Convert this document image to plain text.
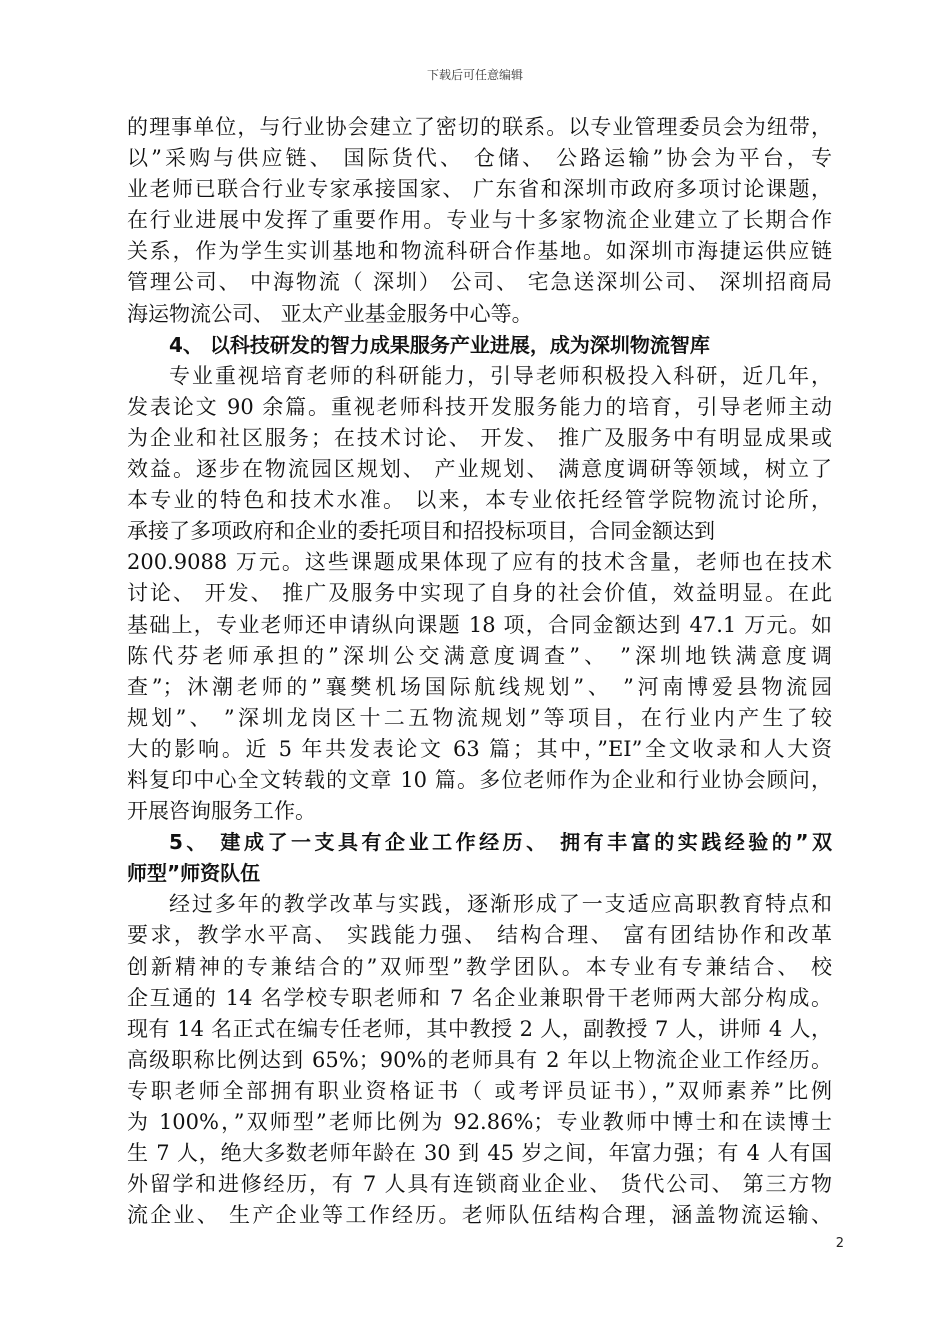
下载后可任意编辑
的理事单位，与行业协会建立了密切的联系。以专业管理委员会为纽带，
以”采购与供应链、 国际货代、 仓储、 公路运输”协会为平台，专
业老师已联合行业专家承接国家、 广东省和深圳市政府多项讨论课题，
在行业进展中发挥了重要作用。专业与十多家物流企业建立了长期合作
关系，作为学生实训基地和物流科研合作基地。如深圳市海捷运供应链
管理公司、 中海物流（ 深圳） 公司、 宅急送深圳公司、 深圳招商局
海运物流公司、 亚太产业基金服务中心等。
4、 以科技研发的智力成果服务产业进展，成为深圳物流智库
专业重视培育老师的科研能力，引导老师积极投入科研，近几年，
发表论文 90 余篇。重视老师科技开发服务能力的培育，引导老师主动
为企业和社区服务；在技术讨论、 开发、 推广及服务中有明显成果或
效益。逐步在物流园区规划、 产业规划、 满意度调研等领域，树立了
本专业的特色和技术水准。 以来，本专业依托经管学院物流讨论所，
承接了多项政府和企业的委托项目和招投标项目，合同金额达到
200.9088 万元。这些课题成果体现了应有的技术含量，老师也在技术
讨论、 开发、 推广及服务中实现了自身的社会价值，效益明显。在此
基础上，专业老师还申请纵向课题 18 项，合同金额达到 47.1 万元。如
陈代芬老师承担的”深圳公交满意度调查”、 ”深圳地铁满意度调
查”；沐潮老师的”襄樊机场国际航线规划”、 ”河南博爱县物流园
规划”、 ”深圳龙岗区十二五物流规划”等项目，在行业内产生了较
大的影响。近 5 年共发表论文 63 篇；其中，”EI”全文收录和人大资
料复印中心全文转载的文章 10 篇。多位老师作为企业和行业协会顾问，
开展咨询服务工作。
5、 建成了一支具有企业工作经历、 拥有丰富的实践经验的”双
师型”师资队伍
经过多年的教学改革与实践，逐渐形成了一支适应高职教育特点和
要求，教学水平高、 实践能力强、 结构合理、 富有团结协作和改革
创新精神的专兼结合的”双师型”教学团队。本专业有专兼结合、 校
企互通的 14 名学校专职老师和 7 名企业兼职骨干老师两大部分构成。
现有 14 名正式在编专任老师，其中教授 2 人，副教授 7 人，讲师 4 人，
高级职称比例达到 65%；90%的老师具有 2 年以上物流企业工作经历。
专职老师全部拥有职业资格证书（ 或考评员证书），”双师素养”比例
为 100%，”双师型”老师比例为 92.86%；专业教师中博士和在读博士
生 7 人，绝大多数老师年龄在 30 到 45 岁之间，年富力强；有 4 人有国
外留学和进修经历，有 7 人具有连锁商业企业、 货代公司、 第三方物
流企业、 生产企业等工作经历。老师队伍结构合理，涵盖物流运输、
2
